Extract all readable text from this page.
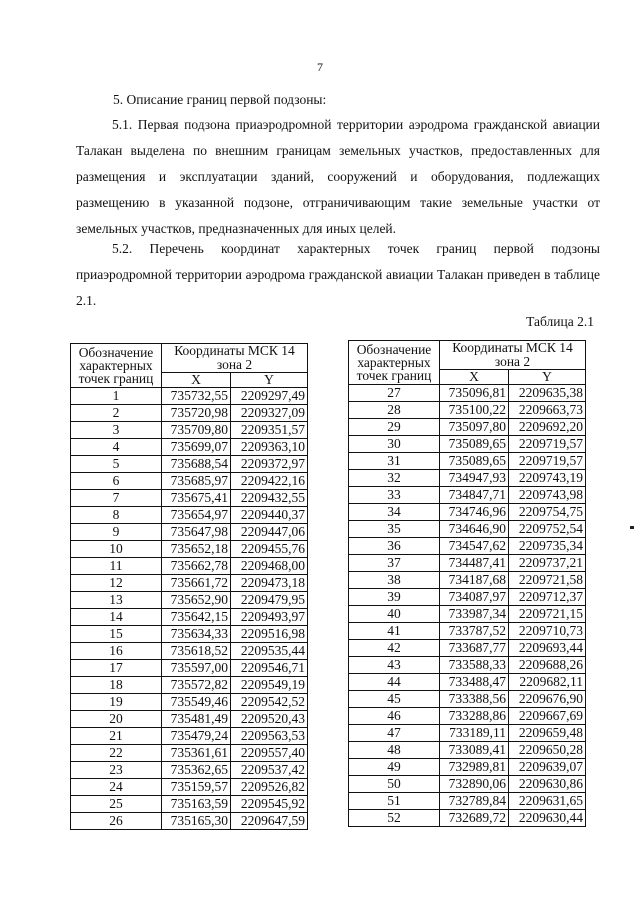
7
5. Описание границ первой подзоны:
5.1. Первая подзона приаэродромной территории аэродрома гражданской авиации Талакан выделена по внешним границам земельных участков, предоставленных для размещения и эксплуатации зданий, сооружений и оборудования, подлежащих размещению в указанной подзоне, отграничивающим такие земельные участки от земельных участков, предназначенных для иных целей.
5.2. Перечень координат характерных точек границ первой подзоны приаэродромной территории аэродрома гражданской авиации Талакан приведен в таблице 2.1.
Таблица 2.1
Обозначение характерных точек границ	Координаты МСК 14 зона 2	
	X	Y
1	735732,55	2209297,49
2	735720,98	2209327,09
3	735709,80	2209351,57
4	735699,07	2209363,10
5	735688,54	2209372,97
6	735685,97	2209422,16
7	735675,41	2209432,55
8	735654,97	2209440,37
9	735647,98	2209447,06
10	735652,18	2209455,76
11	735662,78	2209468,00
12	735661,72	2209473,18
13	735652,90	2209479,95
14	735642,15	2209493,97
15	735634,33	2209516,98
16	735618,52	2209535,44
17	735597,00	2209546,71
18	735572,82	2209549,19
19	735549,46	2209542,52
20	735481,49	2209520,43
21	735479,24	2209563,53
22	735361,61	2209557,40
23	735362,65	2209537,42
24	735159,57	2209526,82
25	735163,59	2209545,92
26	735165,30	2209647,59
Обозначение характерных точек границ	Координаты МСК 14 зона 2	
	X	Y
27	735096,81	2209635,38
28	735100,22	2209663,73
29	735097,80	2209692,20
30	735089,65	2209719,57
31	735089,65	2209719,57
32	734947,93	2209743,19
33	734847,71	2209743,98
34	734746,96	2209754,75
35	734646,90	2209752,54
36	734547,62	2209735,34
37	734487,41	2209737,21
38	734187,68	2209721,58
39	734087,97	2209712,37
40	733987,34	2209721,15
41	733787,52	2209710,73
42	733687,77	2209693,44
43	733588,33	2209688,26
44	733488,47	2209682,11
45	733388,56	2209676,90
46	733288,86	2209667,69
47	733189,11	2209659,48
48	733089,41	2209650,28
49	732989,81	2209639,07
50	732890,06	2209630,86
51	732789,84	2209631,65
52	732689,72	2209630,44
